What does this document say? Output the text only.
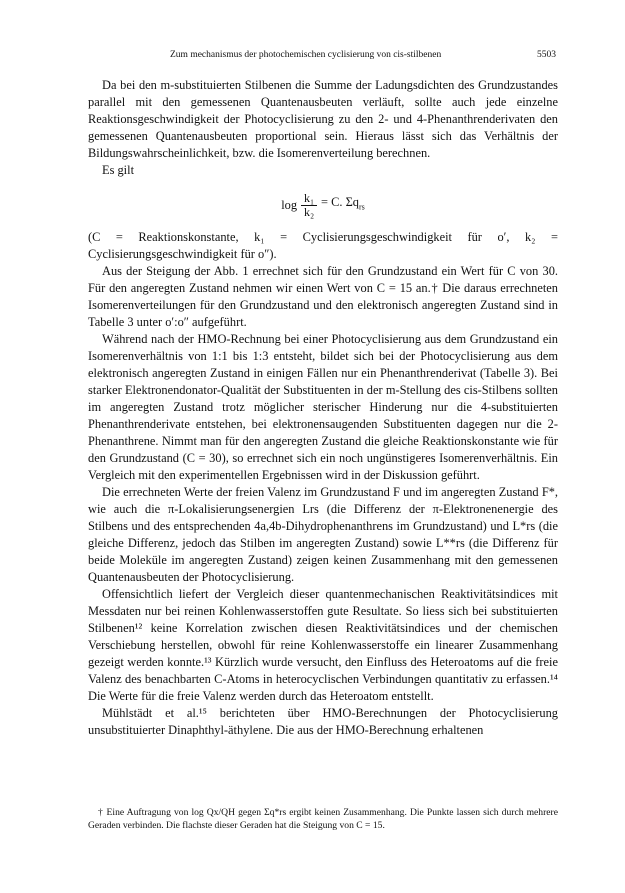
Zum mechanismus der photochemischen cyclisierung von cis-stilbenen	5503

Da bei den m-substituierten Stilbenen die Summe der Ladungsdichten des Grundzustandes parallel mit den gemessenen Quantenausbeuten verläuft, sollte auch jede einzelne Reaktionsgeschwindigkeit der Photocyclisierung zu den 2- und 4-Phenanthrenderivaten den gemessenen Quantenausbeuten proportional sein. Hieraus lässt sich das Verhältnis der Bildungswahrscheinlichkeit, bzw. die Isomerenverteilung berechnen.

Es gilt

$\log \frac{\text{k₁}}{\text{k₂}} = C$. $\Sigma q_{rs}$

(C = Reaktionskonstante, k₁ = Cyclisierungsgeschwindigkeit für o′, k₂ = Cyclisierungsgeschwindigkeit für o″).

Aus der Steigung der Abb. 1 errechnet sich für den Grundzustand ein Wert für C von 30. Für den angeregten Zustand nehmen wir einen Wert von C = 15 an.† Die daraus errechneten Isomerenverteilungen für den Grundzustand und den elektronisch angeregten Zustand sind in Tabelle 3 unter o′:o″ aufgeführt.

Während nach der HMO-Rechnung bei einer Photocyclisierung aus dem Grundzustand ein Isomerenverhältnis von 1:1 bis 1:3 entsteht, bildet sich bei der Photocyclisierung aus dem elektronisch angeregten Zustand in einigen Fällen nur ein Phenanthrenderivat (Tabelle 3). Bei starker Elektronendonator-Qualität der Substituenten in der m-Stellung des cis-Stilbens sollten im angeregten Zustand trotz möglicher sterischer Hinderung nur die 4-substituierten Phenanthrenderivate entstehen, bei elektronensaugenden Substituenten dagegen nur die 2-Phenanthrene. Nimmt man für den angeregten Zustand die gleiche Reaktionskonstante wie für den Grundzustand (C = 30), so errechnet sich ein noch ungünstigeres Isomerenverhältnis. Ein Vergleich mit den experimentellen Ergebnissen wird in der Diskussion geführt.

Die errechneten Werte der freien Valenz im Grundzustand F und im angeregten Zustand F*, wie auch die π-Lokalisierungsenergien Lrs (die Differenz der π-Elektronenenergie des Stilbens und des entsprechenden 4a,4b-Dihydrophenanthrens im Grundzustand) und L*rs (die gleiche Differenz, jedoch das Stilben im angeregten Zustand) sowie L**rs (die Differenz für beide Moleküle im angeregten Zustand) zeigen keinen Zusammenhang mit den gemessenen Quantenausbeuten der Photocyclisierung.

Offensichtlich liefert der Vergleich dieser quantenmechanischen Reaktivitätsindices mit Messdaten nur bei reinen Kohlenwasserstoffen gute Resultate. So liess sich bei substituierten Stilbenen¹² keine Korrelation zwischen diesen Reaktivitätsindices und der chemischen Verschiebung herstellen, obwohl für reine Kohlenwasserstoffe ein linearer Zusammenhang gezeigt werden konnte.¹³ Kürzlich wurde versucht, den Einfluss des Heteroatoms auf die freie Valenz des benachbarten C-Atoms in heterocyclischen Verbindungen quantitativ zu erfassen.¹⁴ Die Werte für die freie Valenz werden durch das Heteroatom entstellt.

Mühlstädt et al.¹⁵ berichteten über HMO-Berechnungen der Photocyclisierung unsubstituierter Dinaphthyl-äthylene. Die aus der HMO-Berechnung erhaltenen

† Eine Auftragung von log Qx/QH gegen Σq*rs ergibt keinen Zusammenhang. Die Punkte lassen sich durch mehrere Geraden verbinden. Die flachste dieser Geraden hat die Steigung von C = 15.
